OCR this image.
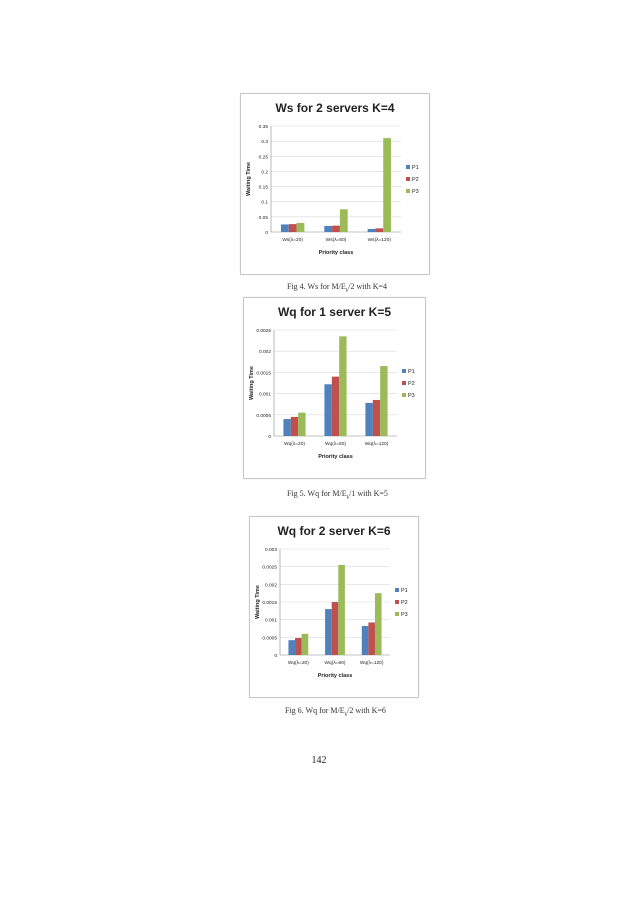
Ws for 2 servers K=4
0
0.05
0.1
0.15
0.2
0.25
0.3
0.35
Waiting Time
Ws(λ=20)	Ws(λ=60)	Ws(λ=120)
Priority class
P1
P2
P3
Fig 4. Ws for $M/E_k/2$ with K=4
Wq for 1 server K=5
0
0.0005
0.001
0.0015
0.002
0.0025
Waiting Time
Wq(λ=20)	Wq(λ=60)	Wq(λ=120)
Priority class
P1
P2
P3
Fig 5. Wq for $M/E_k/1$ with K=5
Wq for 2 server K=6
0
0.0005
0.001
0.0015
0.002
0.0025
0.003
Waiting Time
Wq(λ=20)	Wq(λ=60)	Wq(λ=120)
Priority class
P1
P2
P3
Fig 6. Wq for $M/E_k/2$ with K=6
142
